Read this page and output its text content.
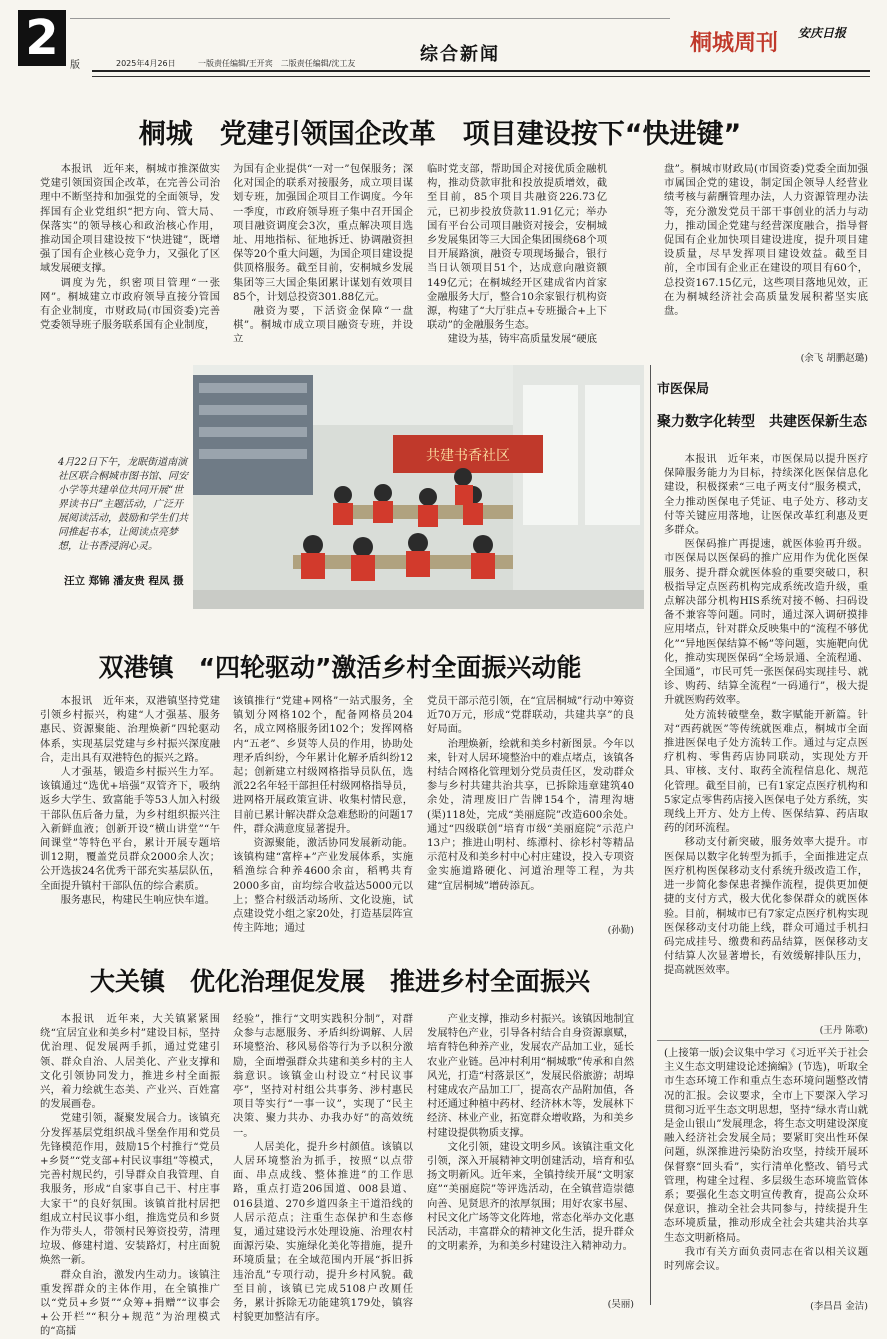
2	版	2025年4月26日	一版责任编辑/王开宾　二版责任编辑/沈工友	综合新闻	桐城周刊 安庆日报
桐城　党建引领国企改革　项目建设按下“快进键”

本报讯　近年来，桐城市推深做实党建引领国资国企改革，在完善公司治理中不断坚持和加强党的全面领导，发挥国有企业党组织“把方向、管大局、保落实”的领导核心和政治核心作用，推动国企项目建设按下“快进键”，既增强了国有企业核心竞争力，又强化了区域发展硬支撑。

调度为先，织密项目管理“一张网”。桐城建立市政府领导直接分管国有企业制度，市财政局(市国资委)完善党委领导班子服务联系国有企业制度，

为国有企业提供“一对一”包保服务；深化对国企的联系对接服务，成立项目谋划专班，加强国企项目工作调度。今年一季度，市政府领导班子集中召开国企项目融资调度会3次，重点解决项目选址、用地指标、征地拆迁、协调融资担保等20个重大问题，为国企项目建设提供顶格服务。截至目前，安桐城乡发展集团等三大国企集团累计谋划有效项目85个，计划总投资301.88亿元。

融资为要，下活资金保障“一盘棋”。桐城市成立项目融资专班，并设立

临时党支部，帮助国企对接优质金融机构，推动贷款审批和投放提质增效，截至目前，85个项目共融资226.73亿元，已初步投放贷款11.91亿元；举办国有平台公司项目融资对接会，安桐城乡发展集团等三大国企集团围绕68个项目开展路演，融资专项现场撮合，银行当日认领项目51个，达成意向融资额149亿元；在桐城经开区建成省内首家金融服务大厅，整合10余家银行机构资源，构建了“大厅驻点+专班撮合+上下联动”的金融服务生态。

建设为基，铸牢高质量发展“硬底

盘”。桐城市财政局(市国资委)党委全面加强市属国企党的建设，制定国企领导人经营业绩考核与薪酬管理办法，人力资源管理办法等，充分激发党员干部干事创业的活力与动力，推动国企党建与经营深度融合，指导督促国有企业加快项目建设进度，提升项目建设质量，尽早发挥项目建设效益。截至目前，全市国有企业正在建设的项目有60个，总投资167.15亿元，这些项目落地见效，正在为桐城经济社会高质量发展积蓄坚实底盘。

(余飞 胡鹏赵璐)
共建书香社区
4月22日下午，龙眠街道南演社区联合桐城市图书馆、同安小学等共建单位共同开展“世界读书日”主题活动，广泛开展阅读活动，鼓励和学生们共同推起书本，让阅读点亮梦想，让书香浸润心灵。
汪立 郑锦 潘友贵 程凤 摄
市医保局
聚力数字化转型　共建医保新生态

本报讯　近年来，市医保局以提升医疗保障服务能力为目标，持续深化医保信息化建设，积极探索“三电子两支付”服务模式，全力推动医保电子凭证、电子处方、移动支付等关键应用落地，让医保改革红利惠及更多群众。

医保码推广再提速，就医体验再升级。市医保局以医保码的推广应用作为优化医保服务、提升群众就医体验的重要突破口，积极指导定点医药机构完成系统改造升级，重点解决部分机构HIS系统对接不畅、扫码设备不兼容等问题。同时，通过深入调研摸排应用堵点，针对群众反映集中的“流程不够优化”“异地医保结算不畅”等问题，实施靶向优化，推动实现医保码“全场景通、全流程通、全国通”，市民可凭一张医保码实现挂号、就诊、购药、结算全流程“一码通行”，极大提升就医购药效率。

处方流转破壁垒，数字赋能开新篇。针对“西药就医”等传统就医难点，桐城市全面推进医保电子处方流转工作。通过与定点医疗机构、零售药店协同联动，实现处方开具、审核、支付、取药全流程信息化、规范化管理。截至目前，已有1家定点医疗机构和5家定点零售药店接入医保电子处方系统，实现线上开方、处方上传、医保结算、药店取药的闭环流程。

移动支付新突破，服务效率大提升。市医保局以数字化转型为抓手，全面推进定点医疗机构医保移动支付系统升级改造工作，进一步简化参保患者操作流程，提供更加便捷的支付方式，极大优化参保群众的就医体验。目前，桐城市已有7家定点医疗机构实现医保移动支付功能上线，群众可通过手机扫码完成挂号、缴费和药品结算，医保移动支付结算人次显著增长，有效缓解排队压力，提高就医效率。

(王丹 陈歌)

(上接第一版)会议集中学习《习近平关于社会主义生态文明建设论述摘编》(节选)，听取全市生态环境工作和重点生态环境问题整改情况的汇报。会议要求，全市上下要深入学习贯彻习近平生态文明思想，坚持“绿水青山就是金山银山”发展理念，将生态文明建设深度融入经济社会发展全局；要紧盯突出性环保问题，纵深推进污染防治攻坚，持续开展环保督察“回头看”，实行清单化整改、销号式管理，构建全过程、多层级生态环境监管体系；要强化生态文明宣传教育，提高公众环保意识，推动全社会共同参与，持续提升生态环境质量，推动形成全社会共建共治共享生态文明新格局。

我市有关方面负责同志在省以相关议题时列席会议。

(李昌昌 金洁)
双港镇　“四轮驱动”激活乡村全面振兴动能

本报讯　近年来，双港镇坚持党建引领乡村振兴，构建“人才强基、服务惠民、资源聚能、治理焕新”四轮驱动体系，实现基层党建与乡村振兴深度融合，走出具有双港特色的振兴之路。

人才强基，锻造乡村振兴生力军。该镇通过“选优+培强”双管齐下，吸纳返乡大学生、致富能手等53人加入村级干部队伍后备力量，为乡村组织振兴注入新鲜血液；创新开设“横山讲堂”“午间课堂”等特色平台，累计开展专题培训12期，覆盖党员群众2000余人次；公开选拔24名优秀干部充实基层队伍，全面提升镇村干部队伍的综合素质。

服务惠民，构建民生响应快车道。

该镇推行“党建+网格”一站式服务，全镇划分网格102个，配备网格员204名，成立网格服务团102个；发挥网格内“五老”、乡贤等人员的作用，协助处理矛盾纠纷，今年累计化解矛盾纠纷12起；创新建立村级网格指导员队伍，选派22名年轻干部担任村级网格指导员，进网格开展政策宣讲、收集村情民意，目前已累计解决群众急难愁盼的问题17件，群众满意度显著提升。

资源聚能，激活协同发展新动能。该镇构建“富梓+”产业发展体系，实施稻渔综合种养4600余亩，稻鸭共育2000多亩，亩均综合收益达5000元以上；整合村级活动场所、文化设施，试点建设党小组之家20处，打造基层阵宣传主阵地；通过

党员干部示范引领，在“宜居桐城”行动中筹资近70万元，形成“党群联动，共建共享”的良好局面。

治理焕新，绘就和美乡村新图景。今年以来，针对人居环境整治中的难点堵点，该镇各村结合网格化管理划分党员责任区，发动群众参与乡村共建共治共享，已拆除违章建筑40余处，清理废旧广告牌154个，清理沟塘(渠)118处，完成“美丽庭院”改造600余处。通过“四级联创”培育市级“美丽庭院”示范户13户；推进山明村、练潭村、徐杉村等精品示范村及和美乡村中心村庄建设，投入专项资金实施道路硬化、河道治理等工程，为共建“宜居桐城”增砖添瓦。

(孙勤)
大关镇　优化治理促发展　推进乡村全面振兴

本报讯　近年来，大关镇紧紧围绕“宜居宜业和美乡村”建设目标，坚持优治理、促发展两手抓，通过党建引领、群众自治、人居美化、产业支撑和文化引领协同发力，推进乡村全面振兴，着力绘就生态美、产业兴、百姓富的发展画卷。

党建引领，凝聚发展合力。该镇充分发挥基层党组织战斗堡垒作用和党员先锋模范作用，鼓励15个村推行“党员+乡贤”“党支部+村民议事组”等模式，完善村规民约，引导群众自我管理、自我服务，形成“自家事自己干、村庄事大家干”的良好氛围。该镇首批村居把组成立村民议事小组，推选党员和乡贤作为带头人，带领村民筹资投劳，清理垃圾、修建村道、安装路灯，村庄面貌焕然一新。

群众自治，激发内生动力。该镇注重发挥群众的主体作用，在全镇推广以“党员+乡贤”“众筹+捐赠”“议事会+公开栏”“积分+规范”为治理模式的“高擂

经验”，推行“文明实践积分制”，对群众参与志愿服务、矛盾纠纷调解、人居环境整治、移风易俗等行为予以积分激励，全面增强群众共建和美乡村的主人翁意识。该镇金山村设立“村民议事亭”，坚持对村组公共事务、涉村惠民项目等实行“一事一议”，实现了“民主决策、聚力共办、办我办好”的高效统一。

人居美化，提升乡村颜值。该镇以人居环境整治为抓手，按照“以点带面、串点成线、整体推进”的工作思路，重点打造206国道、008县道、016县道、270乡道四条主干道沿线的人居示范点；注重生态保护和生态修复，通过建设污水处理设施、治理农村面源污染、实施绿化美化等措施，提升环境质量；在全域范围内开展“拆旧拆违治乱”专项行动，提升乡村风貌。截至目前，该镇已完成5108户改厕任务，累计拆除无功能建筑179处，镇容村貌更加整洁有序。

产业支撑，推动乡村振兴。该镇因地制宜发展特色产业，引导各村结合自身资源禀赋，培育特色种养产业，发展农产品加工业，延长农业产业链。邑冲村利用“桐城歌”传承和自然风光，打造“村落景区”，发展民俗旅游；胡埠村建成农产品加工厂，提高农产品附加值，各村还通过种植中药材、经济林木等，发展林下经济、林业产业，拓宽群众增收路，为和美乡村建设提供物质支撑。

文化引领，建设文明乡风。该镇注重文化引领，深入开展精神文明创建活动，培育和弘扬文明新风。近年来，全镇持续开展“文明家庭”“美丽庭院”等评选活动，在全镇营造崇德向善、见贤思齐的浓厚氛围；用好农家书屋、村民文化广场等文化阵地，常态化举办文化惠民活动，丰富群众的精神文化生活，提升群众的文明素养，为和美乡村建设注入精神动力。

(吴丽)
